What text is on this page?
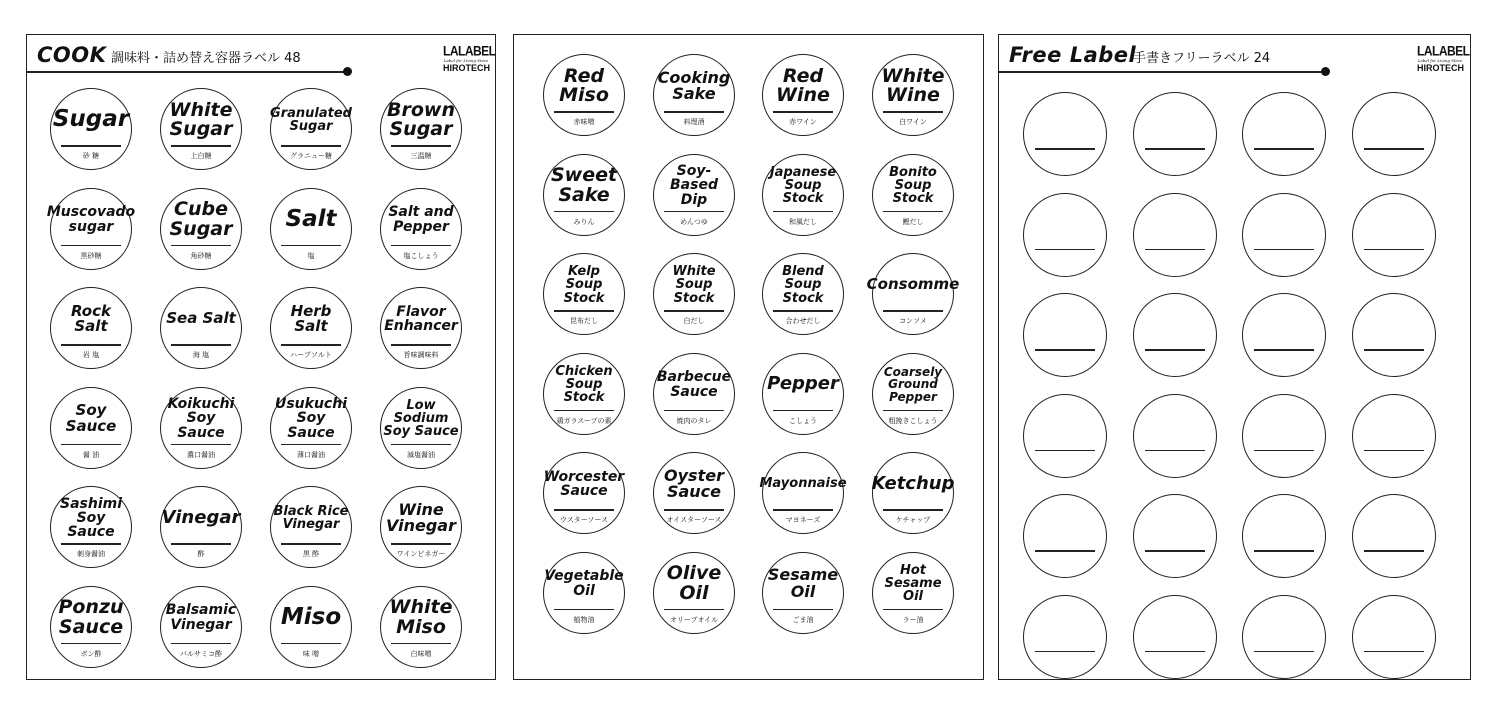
COOK 調味料・詰め替え容器ラベル 48	LALABEL
Label for Living Store
HIROTECH
Sugar
砂 糖
White
Sugar
上白糖
Granulated
Sugar
グラニュー糖
Brown
Sugar
三温糖
Muscovado
sugar
黒砂糖
Cube
Sugar
角砂糖
Salt
塩
Salt and
Pepper
塩こしょう
Rock Salt
岩 塩
Sea Salt
海 塩
Herb Salt
ハーブソルト
Flavor
Enhancer
旨味調味料
Soy Sauce
醤 油
Koikuchi
Soy Sauce
濃口醤油
Usukuchi
Soy Sauce
薄口醤油
Low Sodium
Soy Sauce
減塩醤油
Sashimi
Soy Sauce
刺身醤油
Vinegar
酢
Black Rice
Vinegar
黒 酢
Wine
Vinegar
ワインビネガー
Ponzu
Sauce
ポン酢
Balsamic
Vinegar
バルサミコ酢
Miso
味 噌
White
Miso
白味噌
Red
Miso
赤味噌
Cooking
Sake
料理酒
Red
Wine
赤ワイン
White
Wine
白ワイン
Sweet
Sake
みりん
Soy-Based
Dip
めんつゆ
Japanese
Soup Stock
和風だし
Bonito
Soup Stock
鰹だし
Kelp
Soup Stock
昆布だし
White
Soup Stock
白だし
Blend
Soup Stock
合わせだし
Consomme
コンソメ
Chicken
Soup Stock
鶏ガラスープの素
Barbecue
Sauce
焼肉のタレ
Pepper
こしょう
Coarsely
Ground
Pepper
粗挽きこしょう
Worcester
Sauce
ウスターソース
Oyster
Sauce
オイスターソース
Mayonnaise
マヨネーズ
Ketchup
ケチャップ
Vegetable
Oil
植物油
Olive
Oil
オリーブオイル
Sesame
Oil
ごま油
Hot
Sesame Oil
ラー油
Free Label
手書きフリーラベル 24	LALABEL
Label for Living Store
HIROTECH
